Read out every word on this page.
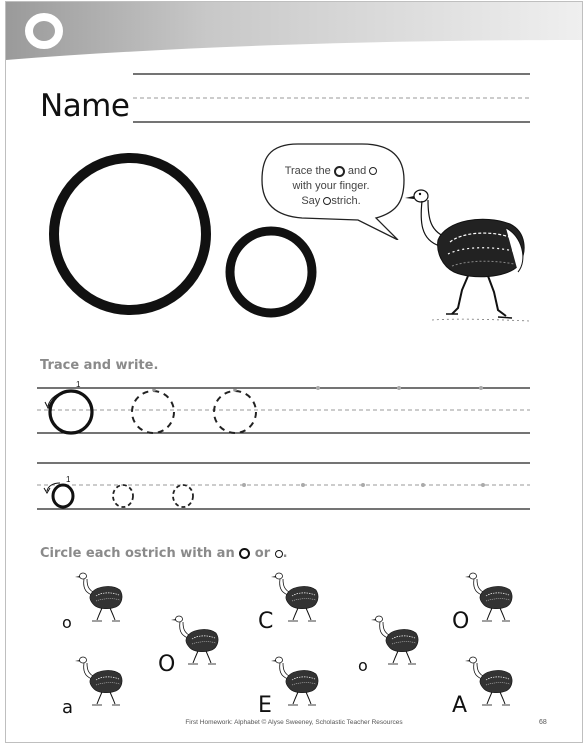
Name
Trace the and
with your finger.
Say strich.
Trace and write.
1
1
Circle each ostrich with an or .
o
O
C
o
O
a	E	A
First Homework: Alphabet © Alyse Sweeney, Scholastic Teacher Resources	68
